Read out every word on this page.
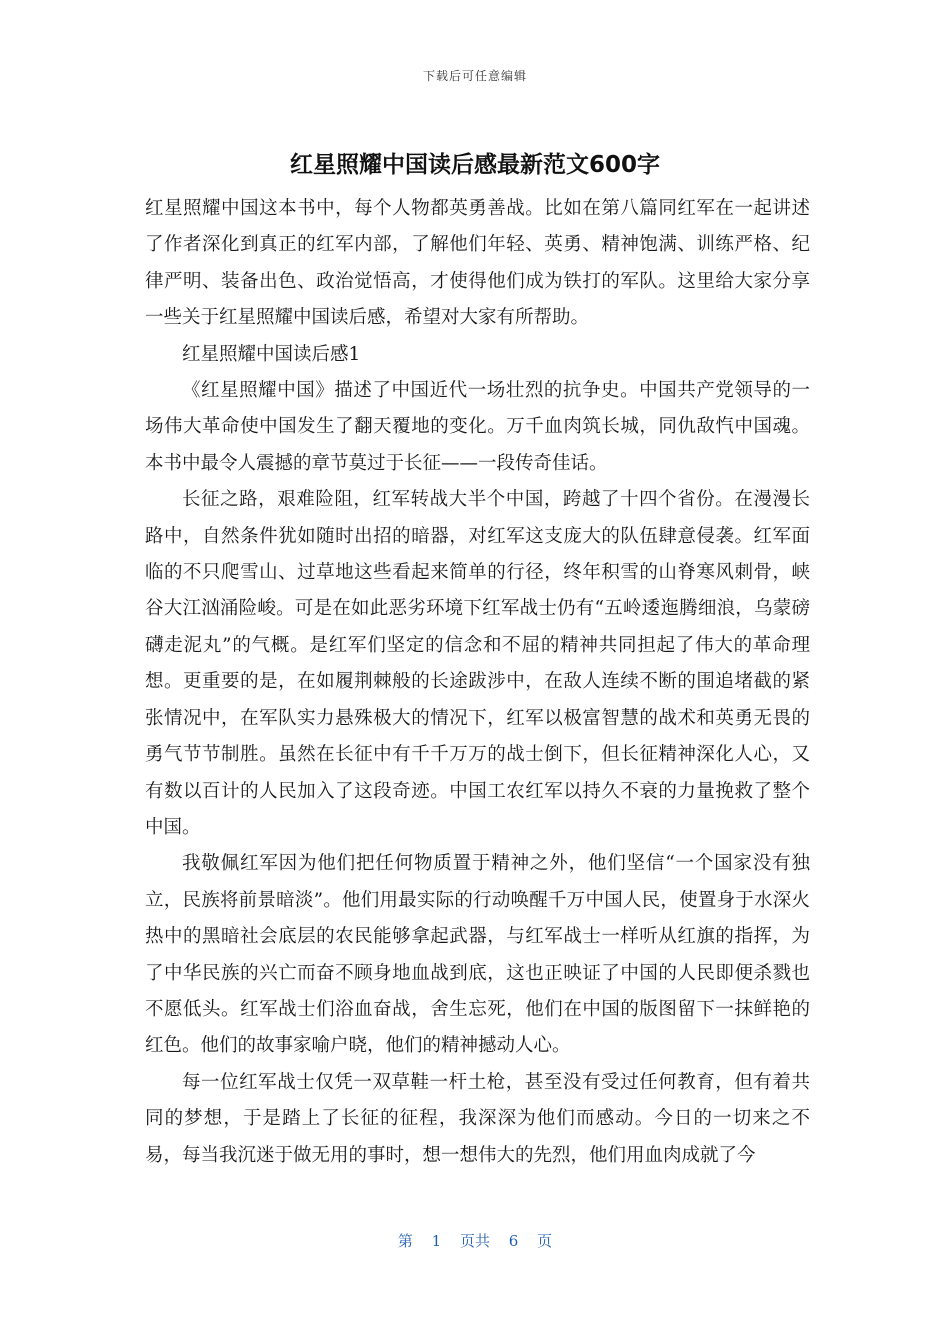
下载后可任意编辑
红星照耀中国读后感最新范文600字

红星照耀中国这本书中，每个人物都英勇善战。比如在第八篇同红军在一起讲述了作者深化到真正的红军内部，了解他们年轻、英勇、精神饱满、训练严格、纪律严明、装备出色、政治觉悟高，才使得他们成为铁打的军队。这里给大家分享一些关于红星照耀中国读后感，希望对大家有所帮助。

红星照耀中国读后感1

《红星照耀中国》描述了中国近代一场壮烈的抗争史。中国共产党领导的一场伟大革命使中国发生了翻天覆地的变化。万千血肉筑长城，同仇敌忾中国魂。本书中最令人震撼的章节莫过于长征——一段传奇佳话。

长征之路，艰难险阻，红军转战大半个中国，跨越了十四个省份。在漫漫长路中，自然条件犹如随时出招的暗器，对红军这支庞大的队伍肆意侵袭。红军面临的不只爬雪山、过草地这些看起来简单的行径，终年积雪的山脊寒风刺骨，峡谷大江汹涌险峻。可是在如此恶劣环境下红军战士仍有“五岭逶迤腾细浪，乌蒙磅礴走泥丸”的气概。是红军们坚定的信念和不屈的精神共同担起了伟大的革命理想。更重要的是，在如履荆棘般的长途跋涉中，在敌人连续不断的围追堵截的紧张情况中，在军队实力悬殊极大的情况下，红军以极富智慧的战术和英勇无畏的勇气节节制胜。虽然在长征中有千千万万的战士倒下，但长征精神深化人心，又有数以百计的人民加入了这段奇迹。中国工农红军以持久不衰的力量挽救了整个中国。

我敬佩红军因为他们把任何物质置于精神之外，他们坚信“一个国家没有独立，民族将前景暗淡”。他们用最实际的行动唤醒千万中国人民，使置身于水深火热中的黑暗社会底层的农民能够拿起武器，与红军战士一样听从红旗的指挥，为了中华民族的兴亡而奋不顾身地血战到底，这也正映证了中国的人民即便杀戮也不愿低头。红军战士们浴血奋战，舍生忘死，他们在中国的版图留下一抹鲜艳的红色。他们的故事家喻户晓，他们的精神撼动人心。

每一位红军战士仅凭一双草鞋一杆土枪，甚至没有受过任何教育，但有着共同的梦想，于是踏上了长征的征程，我深深为他们而感动。今日的一切来之不易，每当我沉迷于做无用的事时，想一想伟大的先烈，他们用血肉成就了今

第 1 页共 6 页
